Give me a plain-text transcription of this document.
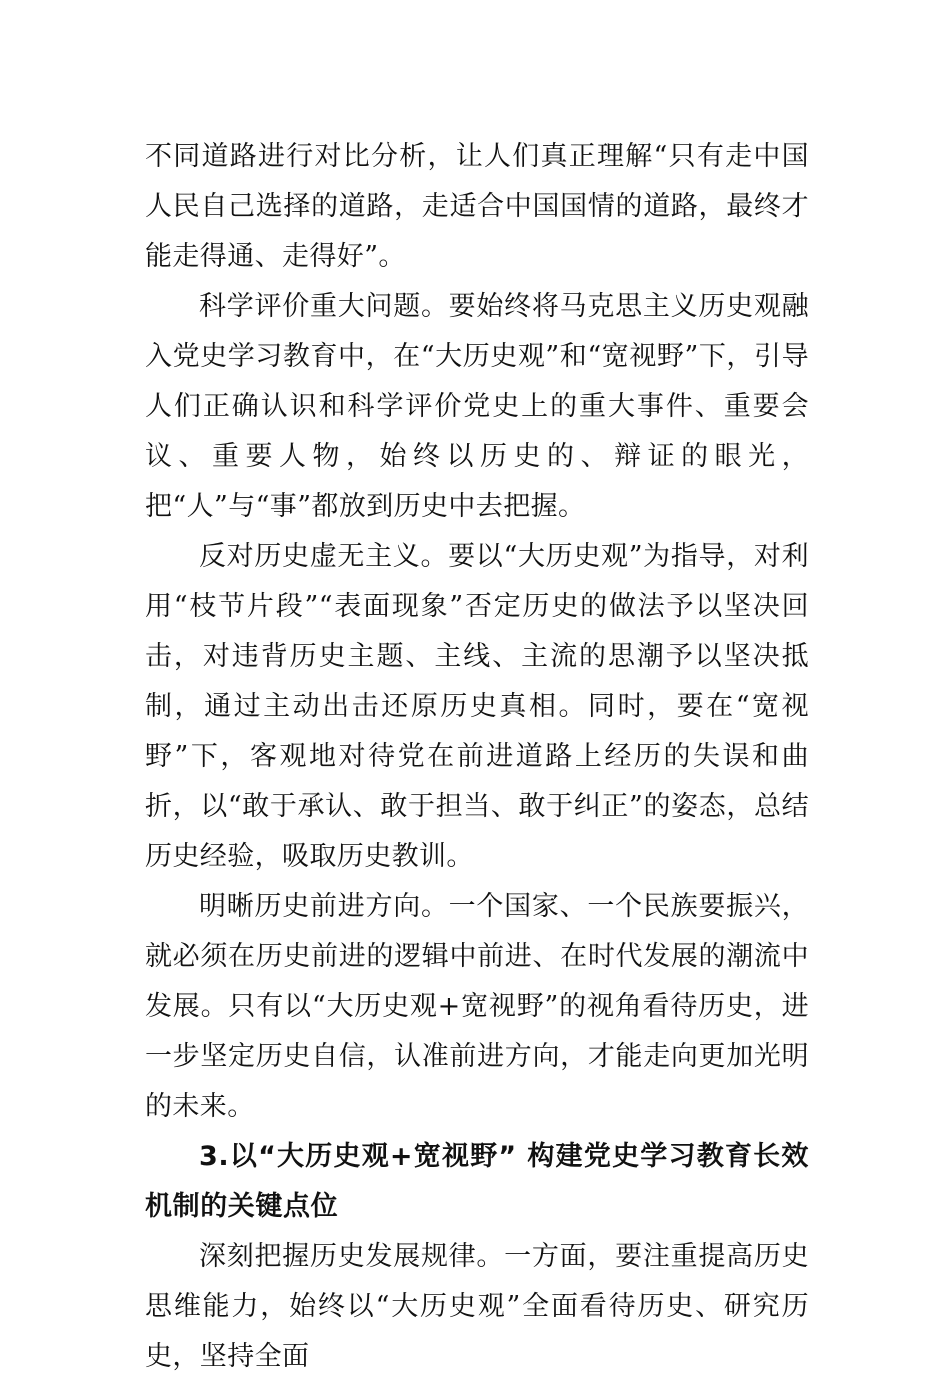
不同道路进行对比分析，让人们真正理解“只有走中国人民自己选择的道路，走适合中国国情的道路，最终才能走得通、走得好”。

科学评价重大问题。要始终将马克思主义历史观融入党史学习教育中，在“大历史观”和“宽视野”下，引导人们正确认识和科学评价党史上的重大事件、重要会议、重要人物，始终以历史的、辩证的眼光，把“人”与“事”都放到历史中去把握。

反对历史虚无主义。要以“大历史观”为指导，对利用“枝节片段”“表面现象”否定历史的做法予以坚决回击，对违背历史主题、主线、主流的思潮予以坚决抵制，通过主动出击还原历史真相。同时，要在“宽视野”下，客观地对待党在前进道路上经历的失误和曲折，以“敢于承认、敢于担当、敢于纠正”的姿态，总结历史经验，吸取历史教训。

明晰历史前进方向。一个国家、一个民族要振兴，就必须在历史前进的逻辑中前进、在时代发展的潮流中发展。只有以“大历史观+宽视野”的视角看待历史，进一步坚定历史自信，认准前进方向，才能走向更加光明的未来。

3.以“大历史观+宽视野” 构建党史学习教育长效机制的关键点位

深刻把握历史发展规律。一方面，要注重提高历史思维能力，始终以“大历史观”全面看待历史、研究历史，坚持全面
